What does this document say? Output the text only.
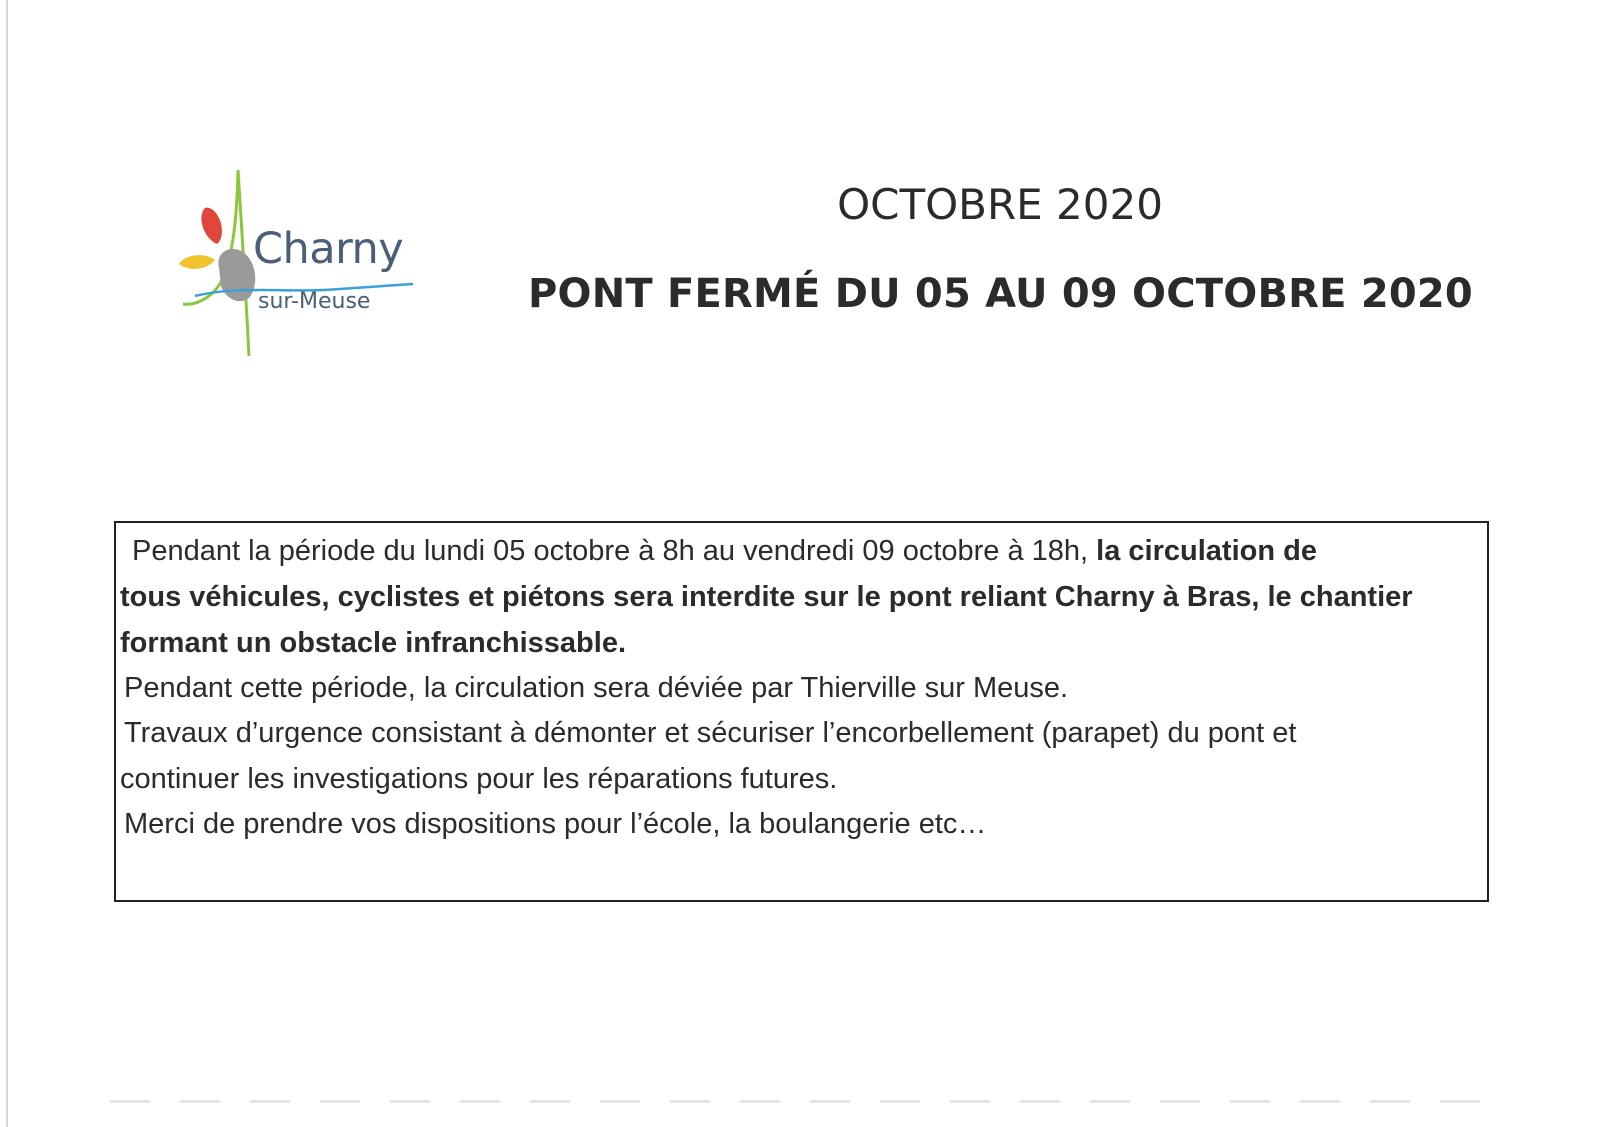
Charny
sur-Meuse
OCTOBRE 2020
PONT FERMÉ DU 05 AU 09 OCTOBRE 2020
Pendant la période du lundi 05 octobre à 8h au vendredi 09 octobre à 18h, la circulation de
tous véhicules, cyclistes et piétons sera interdite sur le pont reliant Charny à Bras, le chantier
formant un obstacle infranchissable.
Pendant cette période, la circulation sera déviée par Thierville sur Meuse.
Travaux d’urgence consistant à démonter et sécuriser l’encorbellement (parapet) du pont et
continuer les investigations pour les réparations futures.
Merci de prendre vos dispositions pour l’école, la boulangerie etc…
